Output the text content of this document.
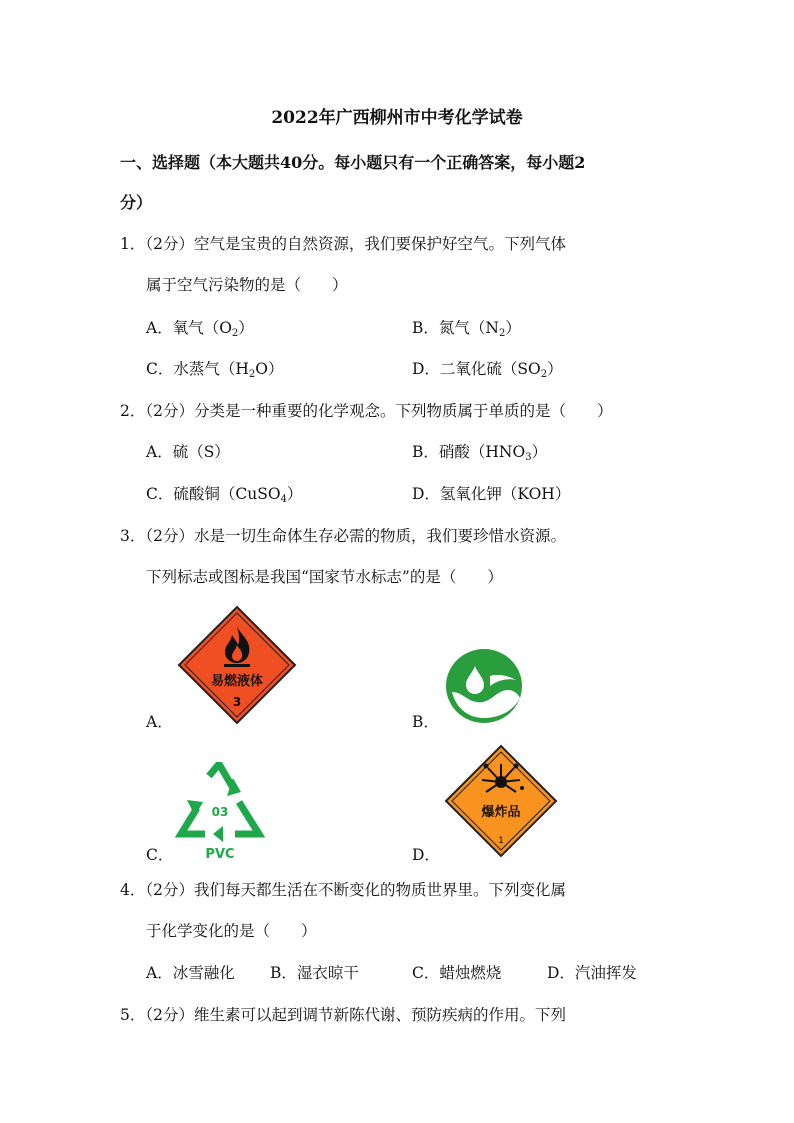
2022年广西柳州市中考化学试卷
一、选择题（本大题共40分。每小题只有一个正确答案，每小题2
分）
1．（2分）空气是宝贵的自然资源，我们要保护好空气。下列气体
属于空气污染物的是（　　）
A．氧气$(O_2)$	B．氮气$(N_2)$
C．水蒸气$(H_2O)$	D．二氧化硫$(SO_2)$
2．（2分）分类是一种重要的化学观念。下列物质属于单质的是（　　）
A．硫（S）	B．硝酸$(HNO_3)$
C．硫酸铜（CuSO$_4$）	D．氢氧化钾（KOH）
3．（2分）水是一切生命体生存必需的物质，我们要珍惜水资源。
下列标志或图标是我国“国家节水标志”的是（　　）
A．	B．
C．	D．
易燃液体
3
03
PVC
爆炸品
1
4．（2分）我们每天都生活在不断变化的物质世界里。下列变化属
于化学变化的是（　　）
A．冰雪融化 B．湿衣晾干	C．蜡烛燃烧	D．汽油挥发
5．（2分）维生素可以起到调节新陈代谢、预防疾病的作用。下列
